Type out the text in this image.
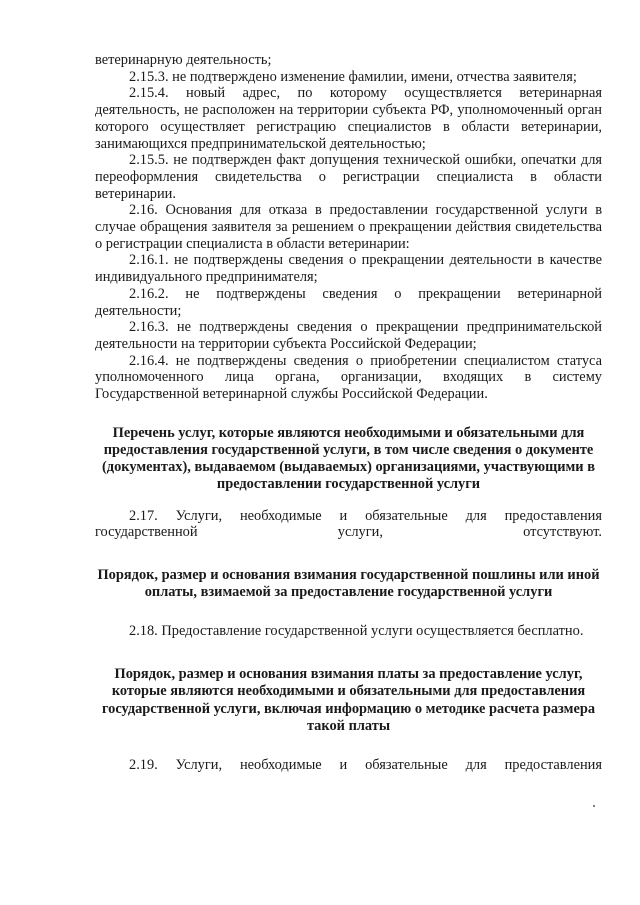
ветеринарную деятельность;

2.15.3. не подтверждено изменение фамилии, имени, отчества заявителя;

2.15.4. новый адрес, по которому осуществляется ветеринарная деятельность, не расположен на территории субъекта РФ, уполномоченный орган которого осуществляет регистрацию специалистов в области ветеринарии, занимающихся предпринимательской деятельностью;

2.15.5. не подтвержден факт допущения технической ошибки, опечатки для переоформления свидетельства о регистрации специалиста в области ветеринарии.

2.16. Основания для отказа в предоставлении государственной услуги в случае обращения заявителя за решением о прекращении действия свидетельства о регистрации специалиста в области ветеринарии:

2.16.1. не подтверждены сведения о прекращении деятельности в качестве индивидуального предпринимателя;

2.16.2. не подтверждены сведения о прекращении ветеринарной деятельности;

2.16.3. не подтверждены сведения о прекращении предпринимательской деятельности на территории субъекта Российской Федерации;

2.16.4. не подтверждены сведения о приобретении специалистом статуса уполномоченного лица органа, организации, входящих в систему Государственной ветеринарной службы Российской Федерации.

Перечень услуг, которые являются необходимыми и обязательными для предоставления государственной услуги, в том числе сведения о документе (документах), выдаваемом (выдаваемых) организациями, участвующими в предоставлении государственной услуги

2.17. Услуги, необходимые и обязательные для предоставления государственной услуги, отсутствуют.

Порядок, размер и основания взимания государственной пошлины или иной оплаты, взимаемой за предоставление государственной услуги

2.18. Предоставление государственной услуги осуществляется бесплатно.

Порядок, размер и основания взимания платы за предоставление услуг, которые являются необходимыми и обязательными для предоставления государственной услуги, включая информацию о методике расчета размера такой платы

2.19. Услуги, необходимые и обязательные для предоставления
